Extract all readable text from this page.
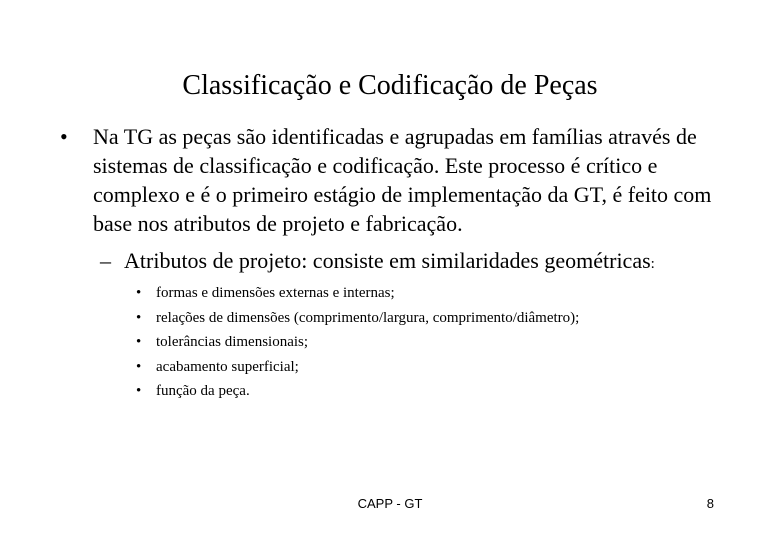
Classificação e Codificação de Peças
• Na TG as peças são identificadas e agrupadas em famílias através de sistemas de classificação e codificação. Este processo é crítico e complexo e é o primeiro estágio de implementação da GT, é feito com base nos atributos de projeto e fabricação.
– Atributos de projeto: consiste em similaridades geométricas:
• formas e dimensões externas e internas;
• relações de dimensões (comprimento/largura, comprimento/diâmetro);
• tolerâncias dimensionais;
• acabamento superficial;
• função da peça.
CAPP - GT	8
